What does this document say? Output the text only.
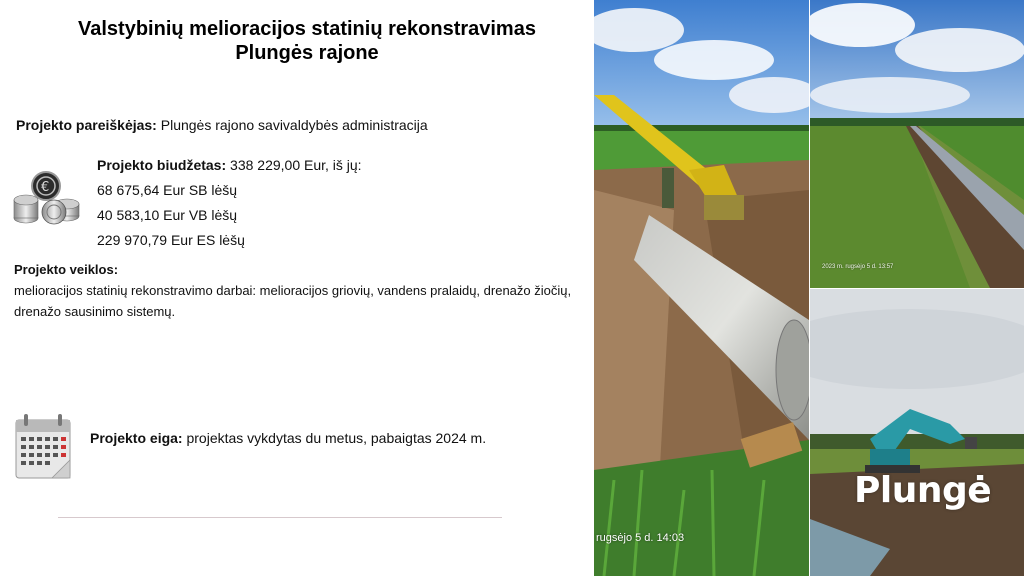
Valstybinių melioracijos statinių rekonstravimas
Plungės rajone
Projekto pareiškėjas: Plungės rajono savivaldybės administracija
€
Projekto biudžetas: 338 229,00 Eur, iš jų:
68 675,64 Eur SB lėšų
40 583,10 Eur VB lėšų
229 970,79 Eur ES lėšų
Projekto veiklos:
melioracijos statinių rekonstravimo darbai: melioracijos griovių, vandens pralaidų, drenažo žiočių, drenažo sausinimo sistemų.
Projekto eiga: projektas vykdytas du metus, pabaigtas 2024 m.
rugsėjo 5 d. 14:03
2023 m. rugsėjo 5 d. 13:57
Plungė
